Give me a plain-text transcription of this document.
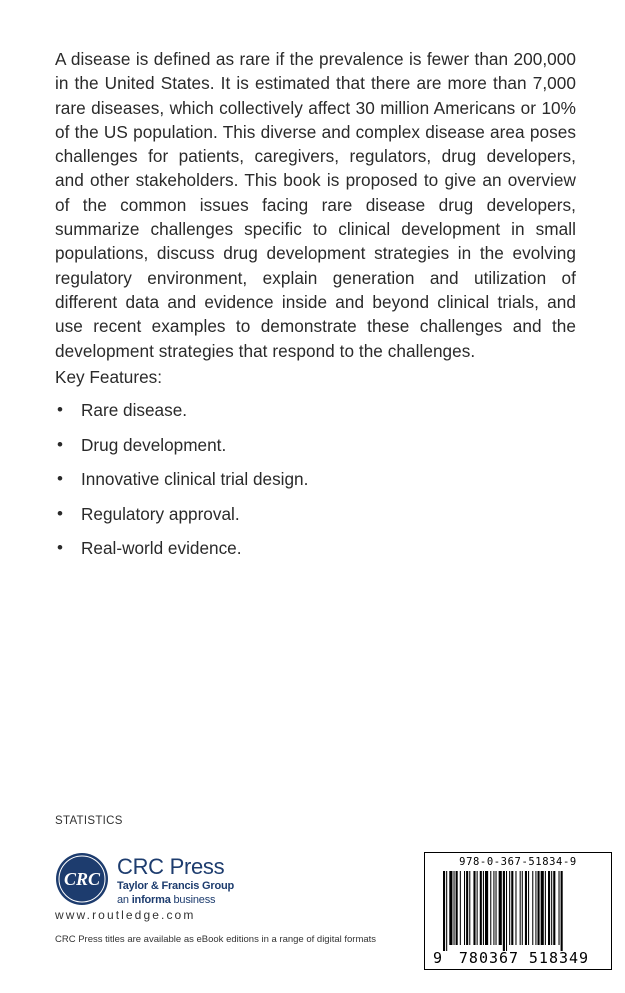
A disease is defined as rare if the prevalence is fewer than 200,000 in the United States. It is estimated that there are more than 7,000 rare diseases, which collectively affect 30 million Americans or 10% of the US population. This diverse and complex disease area poses challenges for patients, caregivers, regulators, drug developers, and other stakeholders. This book is proposed to give an overview of the common issues facing rare disease drug developers, summarize challenges specific to clinical development in small populations, discuss drug development strategies in the evolving regulatory environment, explain generation and utilization of different data and evidence inside and beyond clinical trials, and use recent examples to demonstrate these challenges and the development strategies that respond to the challenges.

Key Features:
• Rare disease.
• Drug development.
• Innovative clinical trial design.
• Regulatory approval.
• Real-world evidence.
STATISTICS
CRC CRC Press
Taylor & Francis Group
an informa business
www.routledge.com
CRC Press titles are available as eBook editions in a range of digital formats
978-0-367-51834-9
9 780367 518349
